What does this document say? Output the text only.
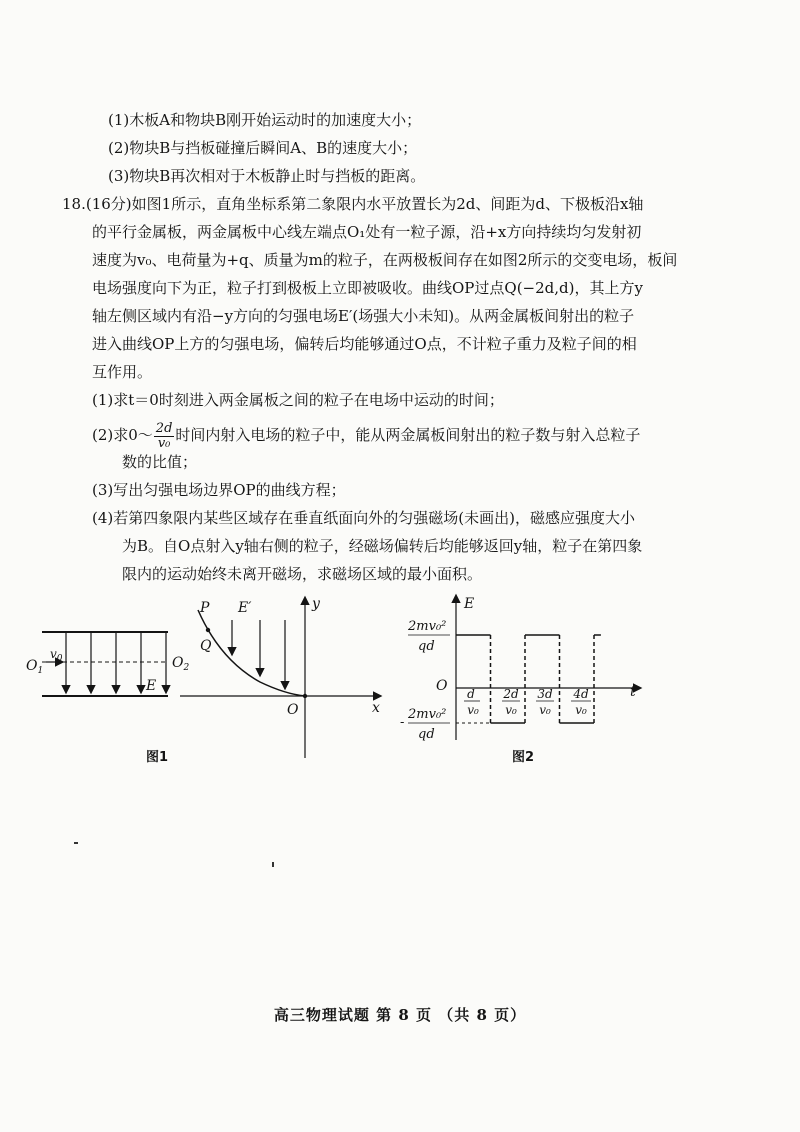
(1)木板A和物块B刚开始运动时的加速度大小；
(2)物块B与挡板碰撞后瞬间A、B的速度大小；
(3)物块B再次相对于木板静止时与挡板的距离。
18.(16分)如图1所示，直角坐标系第二象限内水平放置长为2d、间距为d、下极板沿x轴
的平行金属板，两金属板中心线左端点O₁处有一粒子源，沿+x方向持续均匀发射初
速度为v₀、电荷量为+q、质量为m的粒子，在两极板间存在如图2所示的交变电场，板间
电场强度向下为正，粒子打到极板上立即被吸收。曲线OP过点Q(−2d,d)，其上方y
轴左侧区域内有沿−y方向的匀强电场E′(场强大小未知)。从两金属板间射出的粒子
进入曲线OP上方的匀强电场，偏转后均能够通过O点，不计粒子重力及粒子间的相
互作用。
(1)求t＝0时刻进入两金属板之间的粒子在电场中运动的时间；
(2)求0～ $\frac{2d}{\text{v₀}}$ 时间内射入电场的粒子中，能从两金属板间射出的粒子数与射入总粒子
数的比值；
(3)写出匀强电场边界OP的曲线方程；
(4)若第四象限内某些区域存在垂直纸面向外的匀强磁场(未画出)，磁感应强度大小
为B。自O点射入y轴右侧的粒子，经磁场偏转后均能够返回y轴，粒子在第四象
限内的运动始终未离开磁场，求磁场区域的最小面积。
$v_0$
$O_1$	$O_2$
E
y
x
O
P
Q
E′
图1
E
t
O d
v₀
2d
v₀
3d
v₀
4d
v₀
2mv₀²
qd
-
2mv₀²
qd
图2
高三物理试题 第 8 页 （共 8 页）
